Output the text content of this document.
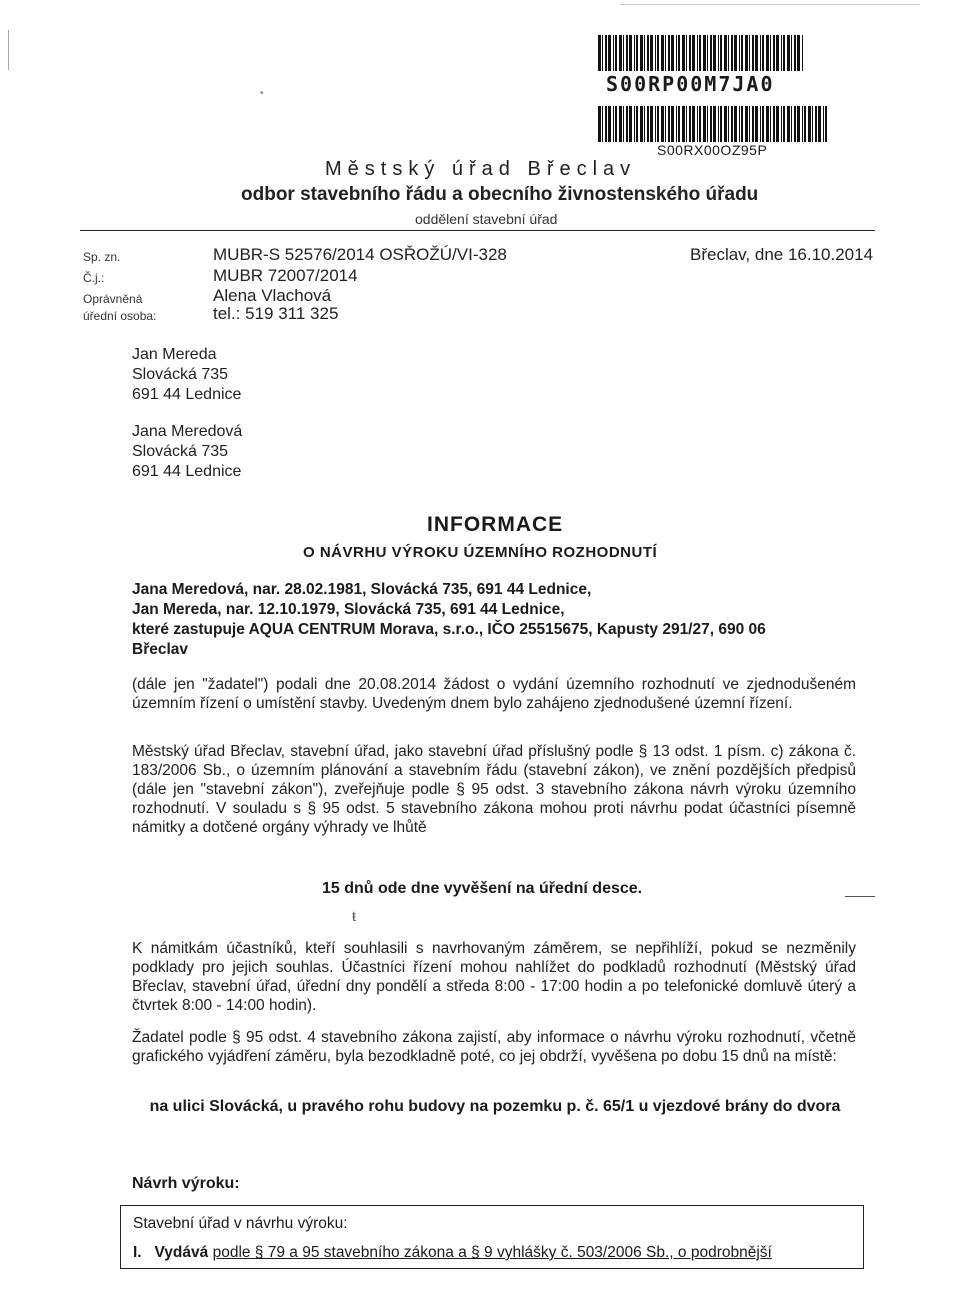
S00RP00M7JA0
S00RX00OZ95P
•
Městský úřad Břeclav
odbor stavebního řádu a obecního živnostenského úřadu
oddělení stavební úřad
Sp. zn.	MUBR-S 52576/2014 OSŘOŽÚ/VI-328
Č.j.:	MUBR 72007/2014
Oprávněná	Alena Vlachová
úřední osoba:	tel.: 519 311 325
Břeclav, dne 16.10.2014
Jan Mereda
Slovácká 735
691 44 Lednice
Jana Meredová
Slovácká 735
691 44 Lednice
INFORMACE
O NÁVRHU VÝROKU ÚZEMNÍHO ROZHODNUTÍ
Jana Meredová, nar. 28.02.1981, Slovácká 735, 691 44 Lednice,
Jan Mereda, nar. 12.10.1979, Slovácká 735, 691 44 Lednice,
které zastupuje AQUA CENTRUM Morava, s.r.o., IČO 25515675, Kapusty 291/27, 690 06
Břeclav
(dále jen "žadatel") podali dne 20.08.2014 žádost o vydání územního rozhodnutí ve zjednodušeném územním řízení o umístění stavby. Uvedeným dnem bylo zahájeno zjednodušené územní řízení.
Městský úřad Břeclav, stavební úřad, jako stavební úřad příslušný podle § 13 odst. 1 písm. c) zákona č. 183/2006 Sb., o územním plánování a stavebním řádu (stavební zákon), ve znění pozdějších předpisů (dále jen "stavební zákon"), zveřejňuje podle § 95 odst. 3 stavebního zákona návrh výroku územního rozhodnutí. V souladu s § 95 odst. 5 stavebního zákona mohou proti návrhu podat účastníci písemně námitky a dotčené orgány výhrady ve lhůtě
15 dnů ode dne vyvěšení na úřední desce.
ŧ
K námitkám účastníků, kteří souhlasili s navrhovaným záměrem, se nepřihlíží, pokud se nezměnily podklady pro jejich souhlas. Účastníci řízení mohou nahlížet do podkladů rozhodnutí (Městský úřad Břeclav, stavební úřad, úřední dny pondělí a středa 8:00 - 17:00 hodin a po telefonické domluvě úterý a čtvrtek 8:00 - 14:00 hodin).
Žadatel podle § 95 odst. 4 stavebního zákona zajistí, aby informace o návrhu výroku rozhodnutí, včetně grafického vyjádření záměru, byla bezodkladně poté, co jej obdrží, vyvěšena po dobu 15 dnů na místě:
na ulici Slovácká, u pravého rohu budovy na pozemku p. č. 65/1 u vjezdové brány do dvora
Návrh výroku:
Stavební úřad v návrhu výroku:
I. Vydává podle § 79 a 95 stavebního zákona a § 9 vyhlášky č. 503/2006 Sb., o podrobnější
